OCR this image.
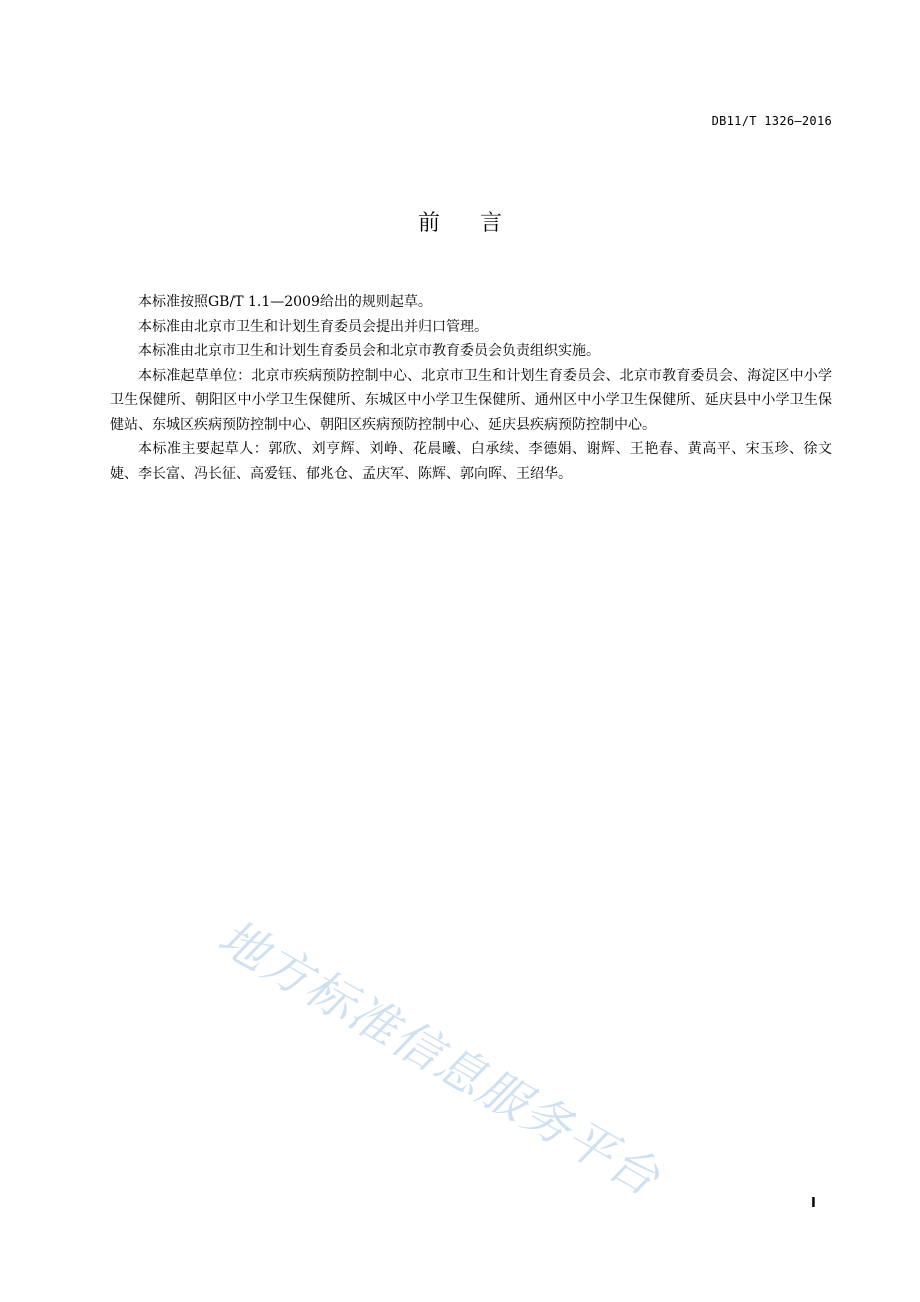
DB11/T 1326—2016
前言

本标准按照GB/T 1.1—2009给出的规则起草。

本标准由北京市卫生和计划生育委员会提出并归口管理。

本标准由北京市卫生和计划生育委员会和北京市教育委员会负责组织实施。

本标准起草单位：北京市疾病预防控制中心、北京市卫生和计划生育委员会、北京市教育委员会、海淀区中小学卫生保健所、朝阳区中小学卫生保健所、东城区中小学卫生保健所、通州区中小学卫生保健所、延庆县中小学卫生保健站、东城区疾病预防控制中心、朝阳区疾病预防控制中心、延庆县疾病预防控制中心。

本标准主要起草人：郭欣、刘亨辉、刘峥、花晨曦、白承续、李德娟、谢辉、王艳春、黄高平、宋玉珍、徐文婕、李长富、冯长征、高爱钰、郁兆仓、孟庆军、陈辉、郭向晖、王绍华。

地方标准信息服务平台	I
